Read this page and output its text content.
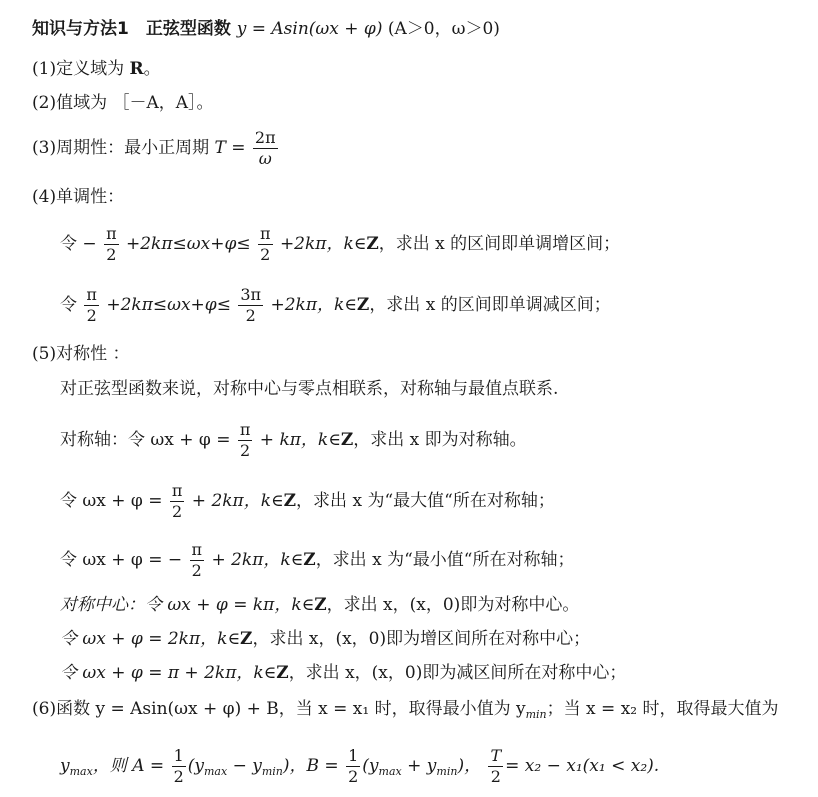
知识与方法1　正弦型函数 y = Asin(ωx + φ) (A＞0，ω＞0)
(1)定义域为 R。
(2)值域为 ［－A，A］。
(3)周期性：最小正周期 $T = \frac{2\pi}{\omega}$
(4)单调性：
令 − $\frac{\pi}{2} +2k\pi\le\omega x+\varphi\le \frac{\pi}{2} +2k\pi$，k∈Z，求出 x 的区间即单调增区间；
令 $\frac{\pi}{2} +2k\pi\le\omega x+\varphi\le \frac{3\pi}{2} +2k\pi$，k∈Z，求出 x 的区间即单调减区间；
(5)对称性 ：
对正弦型函数来说，对称中心与零点相联系，对称轴与最值点联系.
对称轴：令 $\omega x + \varphi = \frac{\pi}{2} + k\pi$，k∈Z，求出 x 即为对称轴。
令 $\omega x + \varphi = \frac{\pi}{2} + 2k\pi$，k∈Z，求出 x 为“最大值“所在对称轴；
令 ωx + φ = − $\frac{\pi}{2} + 2k\pi$，k∈Z，求出 x 为“最小值“所在对称轴；
对称中心：令 ωx + φ = kπ，k∈Z，求出 x，(x，0)即为对称中心。
令 ωx + φ = 2kπ，k∈Z，求出 x，(x，0)即为增区间所在对称中心；
令 ωx + φ = π + 2kπ，k∈Z，求出 x，(x，0)即为减区间所在对称中心；
(6)函数 y = Asin(ωx + φ) + B，当 x = x₁ 时，取得最小值为 $y_{min}$；当 x = x₂ 时，取得最大值为
$y_{max}$，则 $A = \frac{1}{2} (y_{max} - y_{min})$，$B = \frac{1}{2} (y_{max} + y_{min})$， $\frac{T}{2} = x_2 - x_1(x_1 < x_2)$.
